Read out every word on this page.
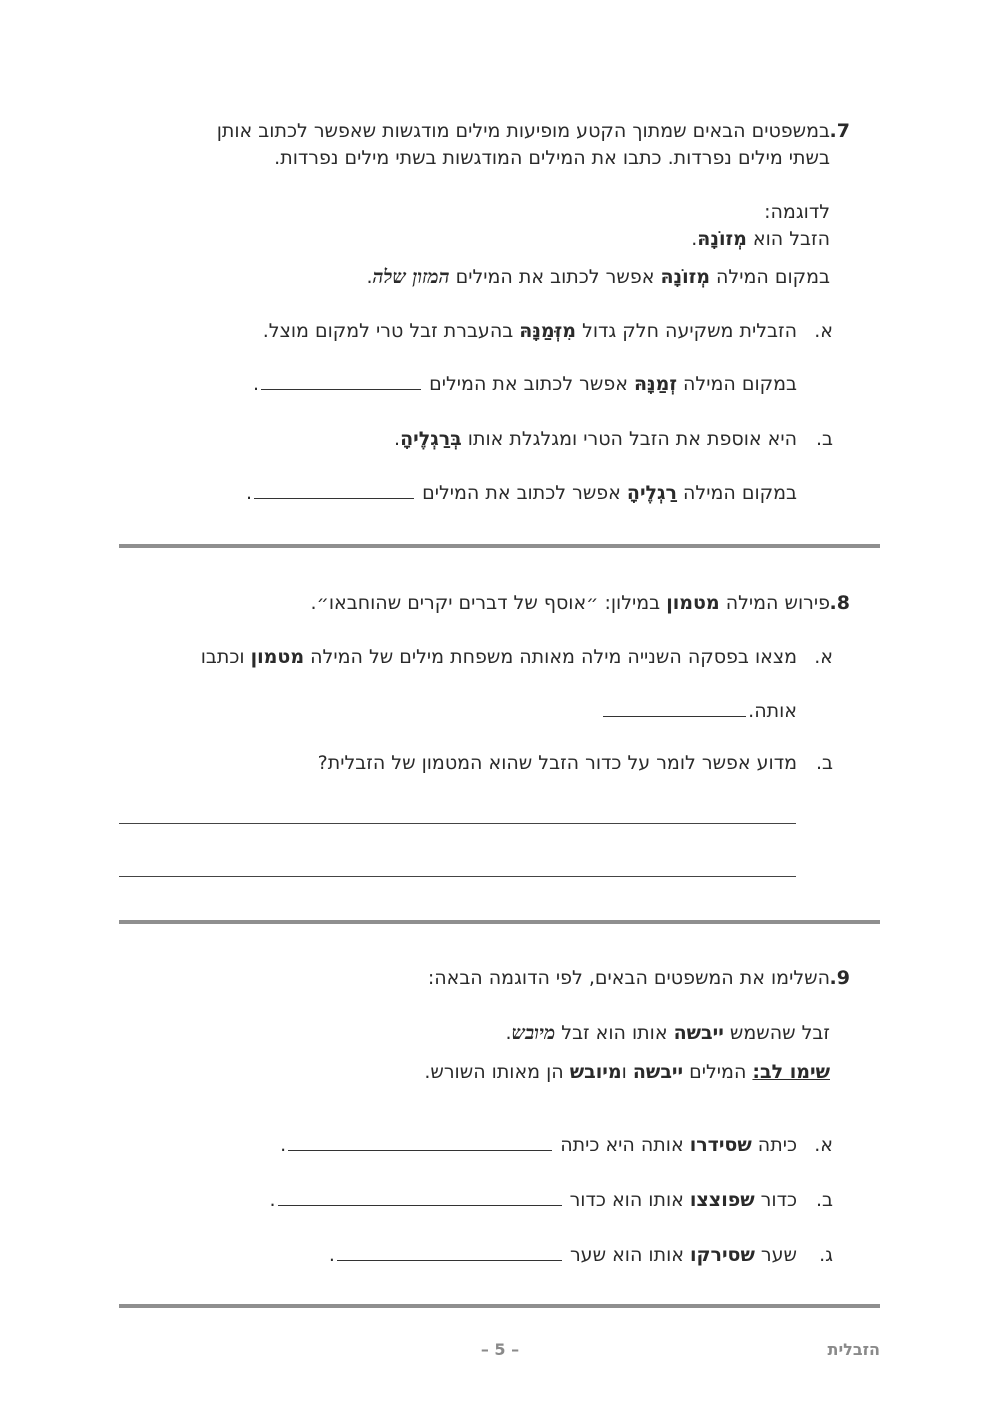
.7
במשפטים הבאים שמתוך הקטע מופיעות מילים מודגשות שאפשר לכתוב אותן
בשתי מילים נפרדות. כתבו את המילים המודגשות בשתי מילים נפרדות.
לדוגמה:
הזבל הוא מְזוֹנָהּ.
במקום המילה מְזוֹנָהּ אפשר לכתוב את המילים המזון שלה.
א.
הזבלית משקיעה חלק גדול מִזְּמַנָּהּ בהעברת זבל טרי למקום מוצל.
במקום המילה זְמַנָּהּ אפשר לכתוב את המילים .
ב.
היא אוספת את הזבל הטרי ומגלגלת אותו בְּרַגְלֶיהָ.
במקום המילה רַגְלֶיהָ אפשר לכתוב את המילים .
.8
פירוש המילה מטמון במילון: ״אוסף של דברים יקרים שהוחבאו״.
א.
מצאו בפסקה השנייה מילה מאותה משפחת מילים של המילה מטמון וכתבו
אותה.
ב.
מדוע אפשר לומר על כדור הזבל שהוא המטמון של הזבלית?
.9
השלימו את המשפטים הבאים, לפי הדוגמה הבאה:
זבל שהשמש ייבשה אותו הוא זבל מיובש.
שימו לב: המילים ייבשה ומיובש הן מאותו השורש.
א.
כיתה שסידרו אותה היא כיתה .
ב.
כדור שפוצצו אותו הוא כדור .
ג.
שער שסירקו אותו הוא שער .
הזבלית
– 5 –
